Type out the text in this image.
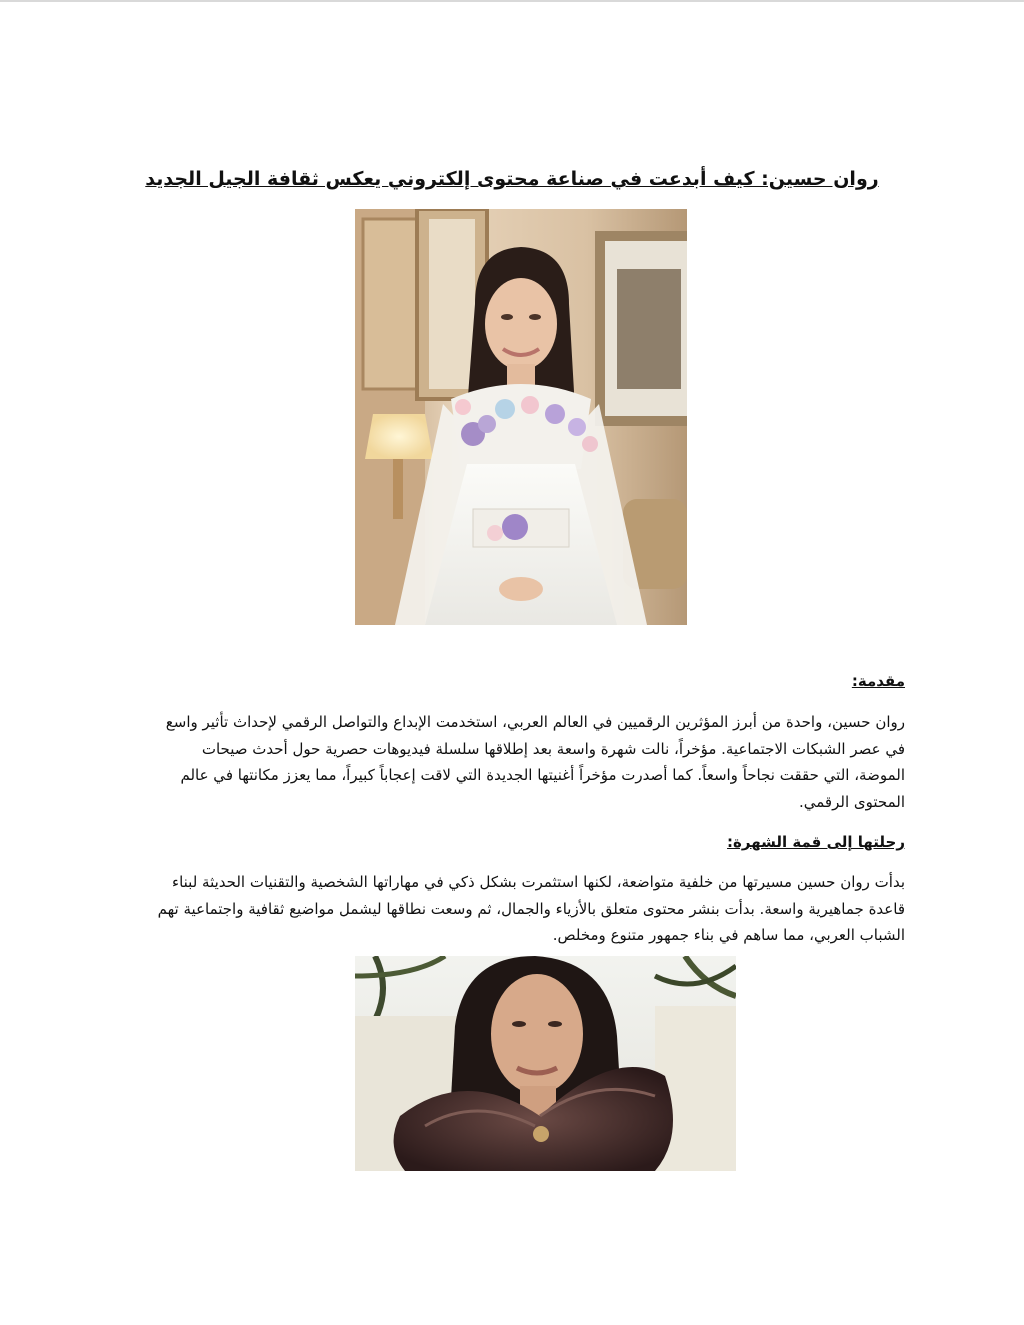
روان حسين: كيف أبدعت في صناعة محتوى إلكتروني يعكس ثقافة الجيل الجديد
مقدمة:

روان حسين، واحدة من أبرز المؤثرين الرقميين في العالم العربي، استخدمت الإبداع والتواصل الرقمي لإحداث تأثير واسع
في عصر الشبكات الاجتماعية. مؤخراً، نالت شهرة واسعة بعد إطلاقها سلسلة فيديوهات حصرية حول أحدث صيحات
الموضة، التي حققت نجاحاً واسعاً. كما أصدرت مؤخراً أغنيتها الجديدة التي لاقت إعجاباً كبيراً، مما يعزز مكانتها في عالم
المحتوى الرقمي.

رحلتها إلى قمة الشهرة:

بدأت روان حسين مسيرتها من خلفية متواضعة، لكنها استثمرت بشكل ذكي في مهاراتها الشخصية والتقنيات الحديثة لبناء
قاعدة جماهيرية واسعة. بدأت بنشر محتوى متعلق بالأزياء والجمال، ثم وسعت نطاقها ليشمل مواضيع ثقافية واجتماعية تهم
الشباب العربي، مما ساهم في بناء جمهور متنوع ومخلص.
